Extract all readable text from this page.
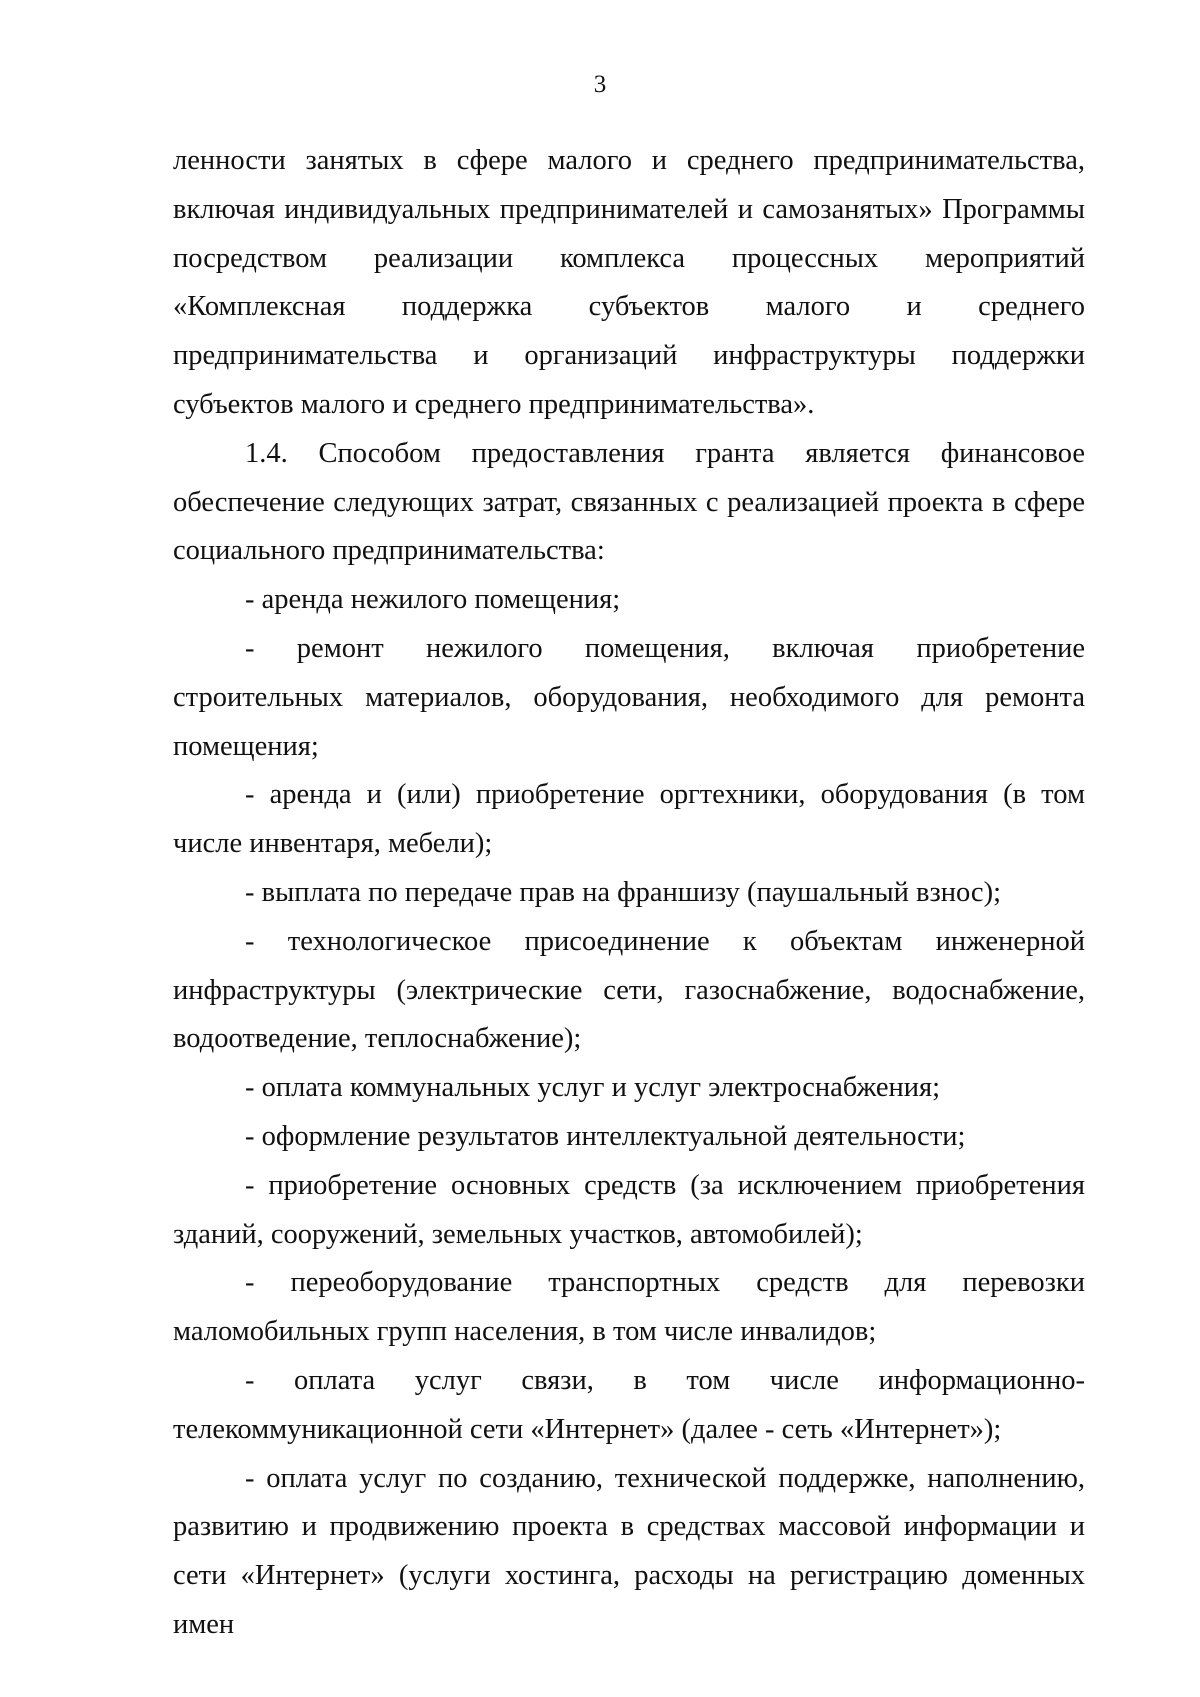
3

ленности занятых в сфере малого и среднего предпринимательства, включая индивидуальных предпринимателей и самозанятых» Программы посредством реализации комплекса процессных мероприятий «Комплексная поддержка субъектов малого и среднего предпринимательства и организаций инфраструктуры поддержки субъектов малого и среднего предпринимательства».

1.4. Способом предоставления гранта является финансовое обеспечение следующих затрат, связанных с реализацией проекта в сфере социального предпринимательства:

- аренда нежилого помещения;

- ремонт нежилого помещения, включая приобретение строительных материалов, оборудования, необходимого для ремонта помещения;

- аренда и (или) приобретение оргтехники, оборудования (в том числе инвентаря, мебели);

- выплата по передаче прав на франшизу (паушальный взнос);

- технологическое присоединение к объектам инженерной инфраструктуры (электрические сети, газоснабжение, водоснабжение, водоотведение, теплоснабжение);

- оплата коммунальных услуг и услуг электроснабжения;

- оформление результатов интеллектуальной деятельности;

- приобретение основных средств (за исключением приобретения зданий, сооружений, земельных участков, автомобилей);

- переоборудование транспортных средств для перевозки маломобильных групп населения, в том числе инвалидов;

- оплата услуг связи, в том числе информационно-телекоммуникационной сети «Интернет» (далее - сеть «Интернет»);

- оплата услуг по созданию, технической поддержке, наполнению, развитию и продвижению проекта в средствах массовой информации и сети «Интернет» (услуги хостинга, расходы на регистрацию доменных имен
